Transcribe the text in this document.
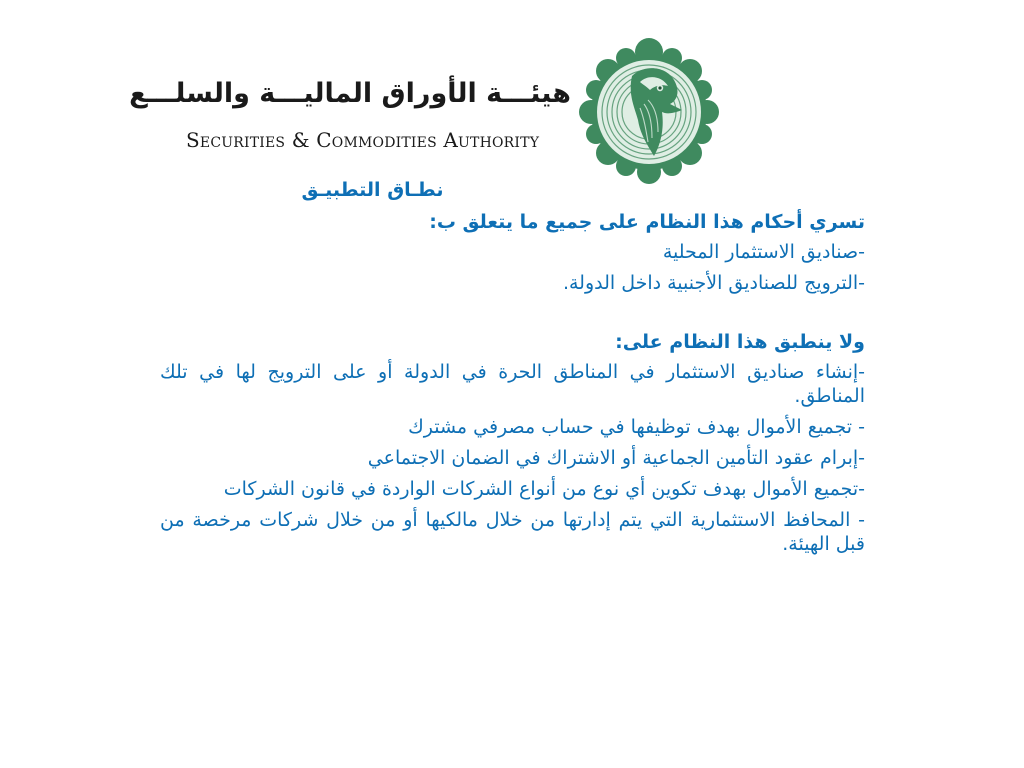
هيئـــة الأوراق الماليـــة والسلـــع
Securities & Commodities Authority

نطـاق التطبيـق

تسري أحكام هذا النظام على جميع ما يتعلق ب:

-صناديق الاستثمار المحلية

-الترويج للصناديق الأجنبية داخل الدولة.

ولا ينطبق هذا النظام على:

-إنشاء صناديق الاستثمار في المناطق الحرة في الدولة أو على الترويج لها في تلك المناطق.

- تجميع الأموال بهدف توظيفها في حساب مصرفي مشترك

-إبرام عقود التأمين الجماعية أو الاشتراك في الضمان الاجتماعي

-تجميع الأموال بهدف تكوين أي نوع من أنواع الشركات الواردة في قانون الشركات

- المحافظ الاستثمارية التي يتم إدارتها من خلال مالكيها أو من خلال شركات مرخصة من قبل الهيئة.
